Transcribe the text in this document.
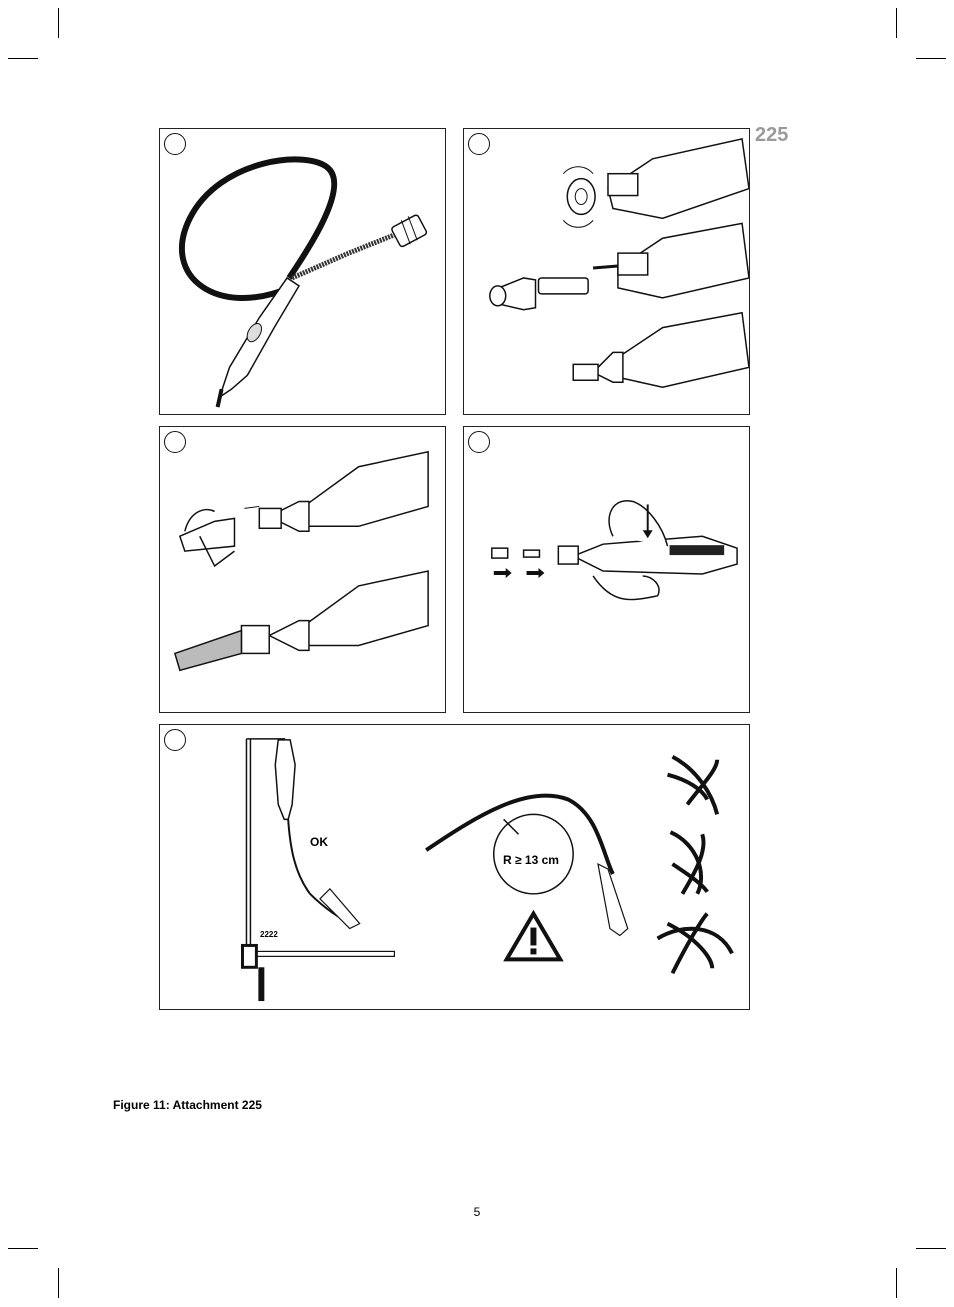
225
OK
R ≥ 13 cm
2222
Figure 11: Attachment 225
5
